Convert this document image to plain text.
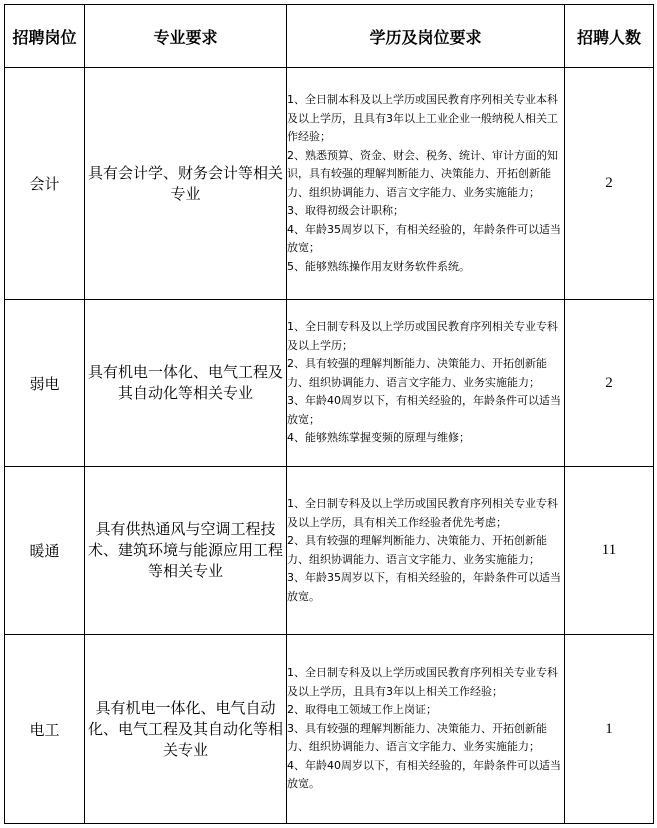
招聘岗位	专业要求	学历及岗位要求	招聘人数
会计	具有会计学、财务会计等相关专业	1、全日制本科及以上学历或国民教育序列相关专业本科及以上学历，且具有3年以上工业企业一般纳税人相关工作经验；
2、熟悉预算、资金、财会、税务、统计、审计方面的知识，具有较强的理解判断能力、决策能力、开拓创新能力、组织协调能力、语言文字能力、业务实施能力；
3、取得初级会计职称；
4、年龄35周岁以下，有相关经验的，年龄条件可以适当放宽；
5、能够熟练操作用友财务软件系统。	2
弱电	具有机电一体化、电气工程及其自动化等相关专业	1、全日制专科及以上学历或国民教育序列相关专业专科及以上学历；
2、具有较强的理解判断能力、决策能力、开拓创新能力、组织协调能力、语言文字能力、业务实施能力；
3、年龄40周岁以下，有相关经验的，年龄条件可以适当放宽；
4、能够熟练掌握变频的原理与维修；	2
暖通	具有供热通风与空调工程技术、建筑环境与能源应用工程等相关专业	1、全日制专科及以上学历或国民教育序列相关专业专科及以上学历，具有相关工作经验者优先考虑；
2、具有较强的理解判断能力、决策能力、开拓创新能力、组织协调能力、语言文字能力、业务实施能力；
3、年龄35周岁以下，有相关经验的，年龄条件可以适当放宽。	11
电工	具有机电一体化、电气自动化、电气工程及其自动化等相关专业	1、全日制专科及以上学历或国民教育序列相关专业专科及以上学历，且具有3年以上相关工作经验；
2、取得电工领域工作上岗证；
3、具有较强的理解判断能力、决策能力、开拓创新能力、组织协调能力、语言文字能力、业务实施能力；
4、年龄40周岁以下，有相关经验的，年龄条件可以适当放宽。	1
